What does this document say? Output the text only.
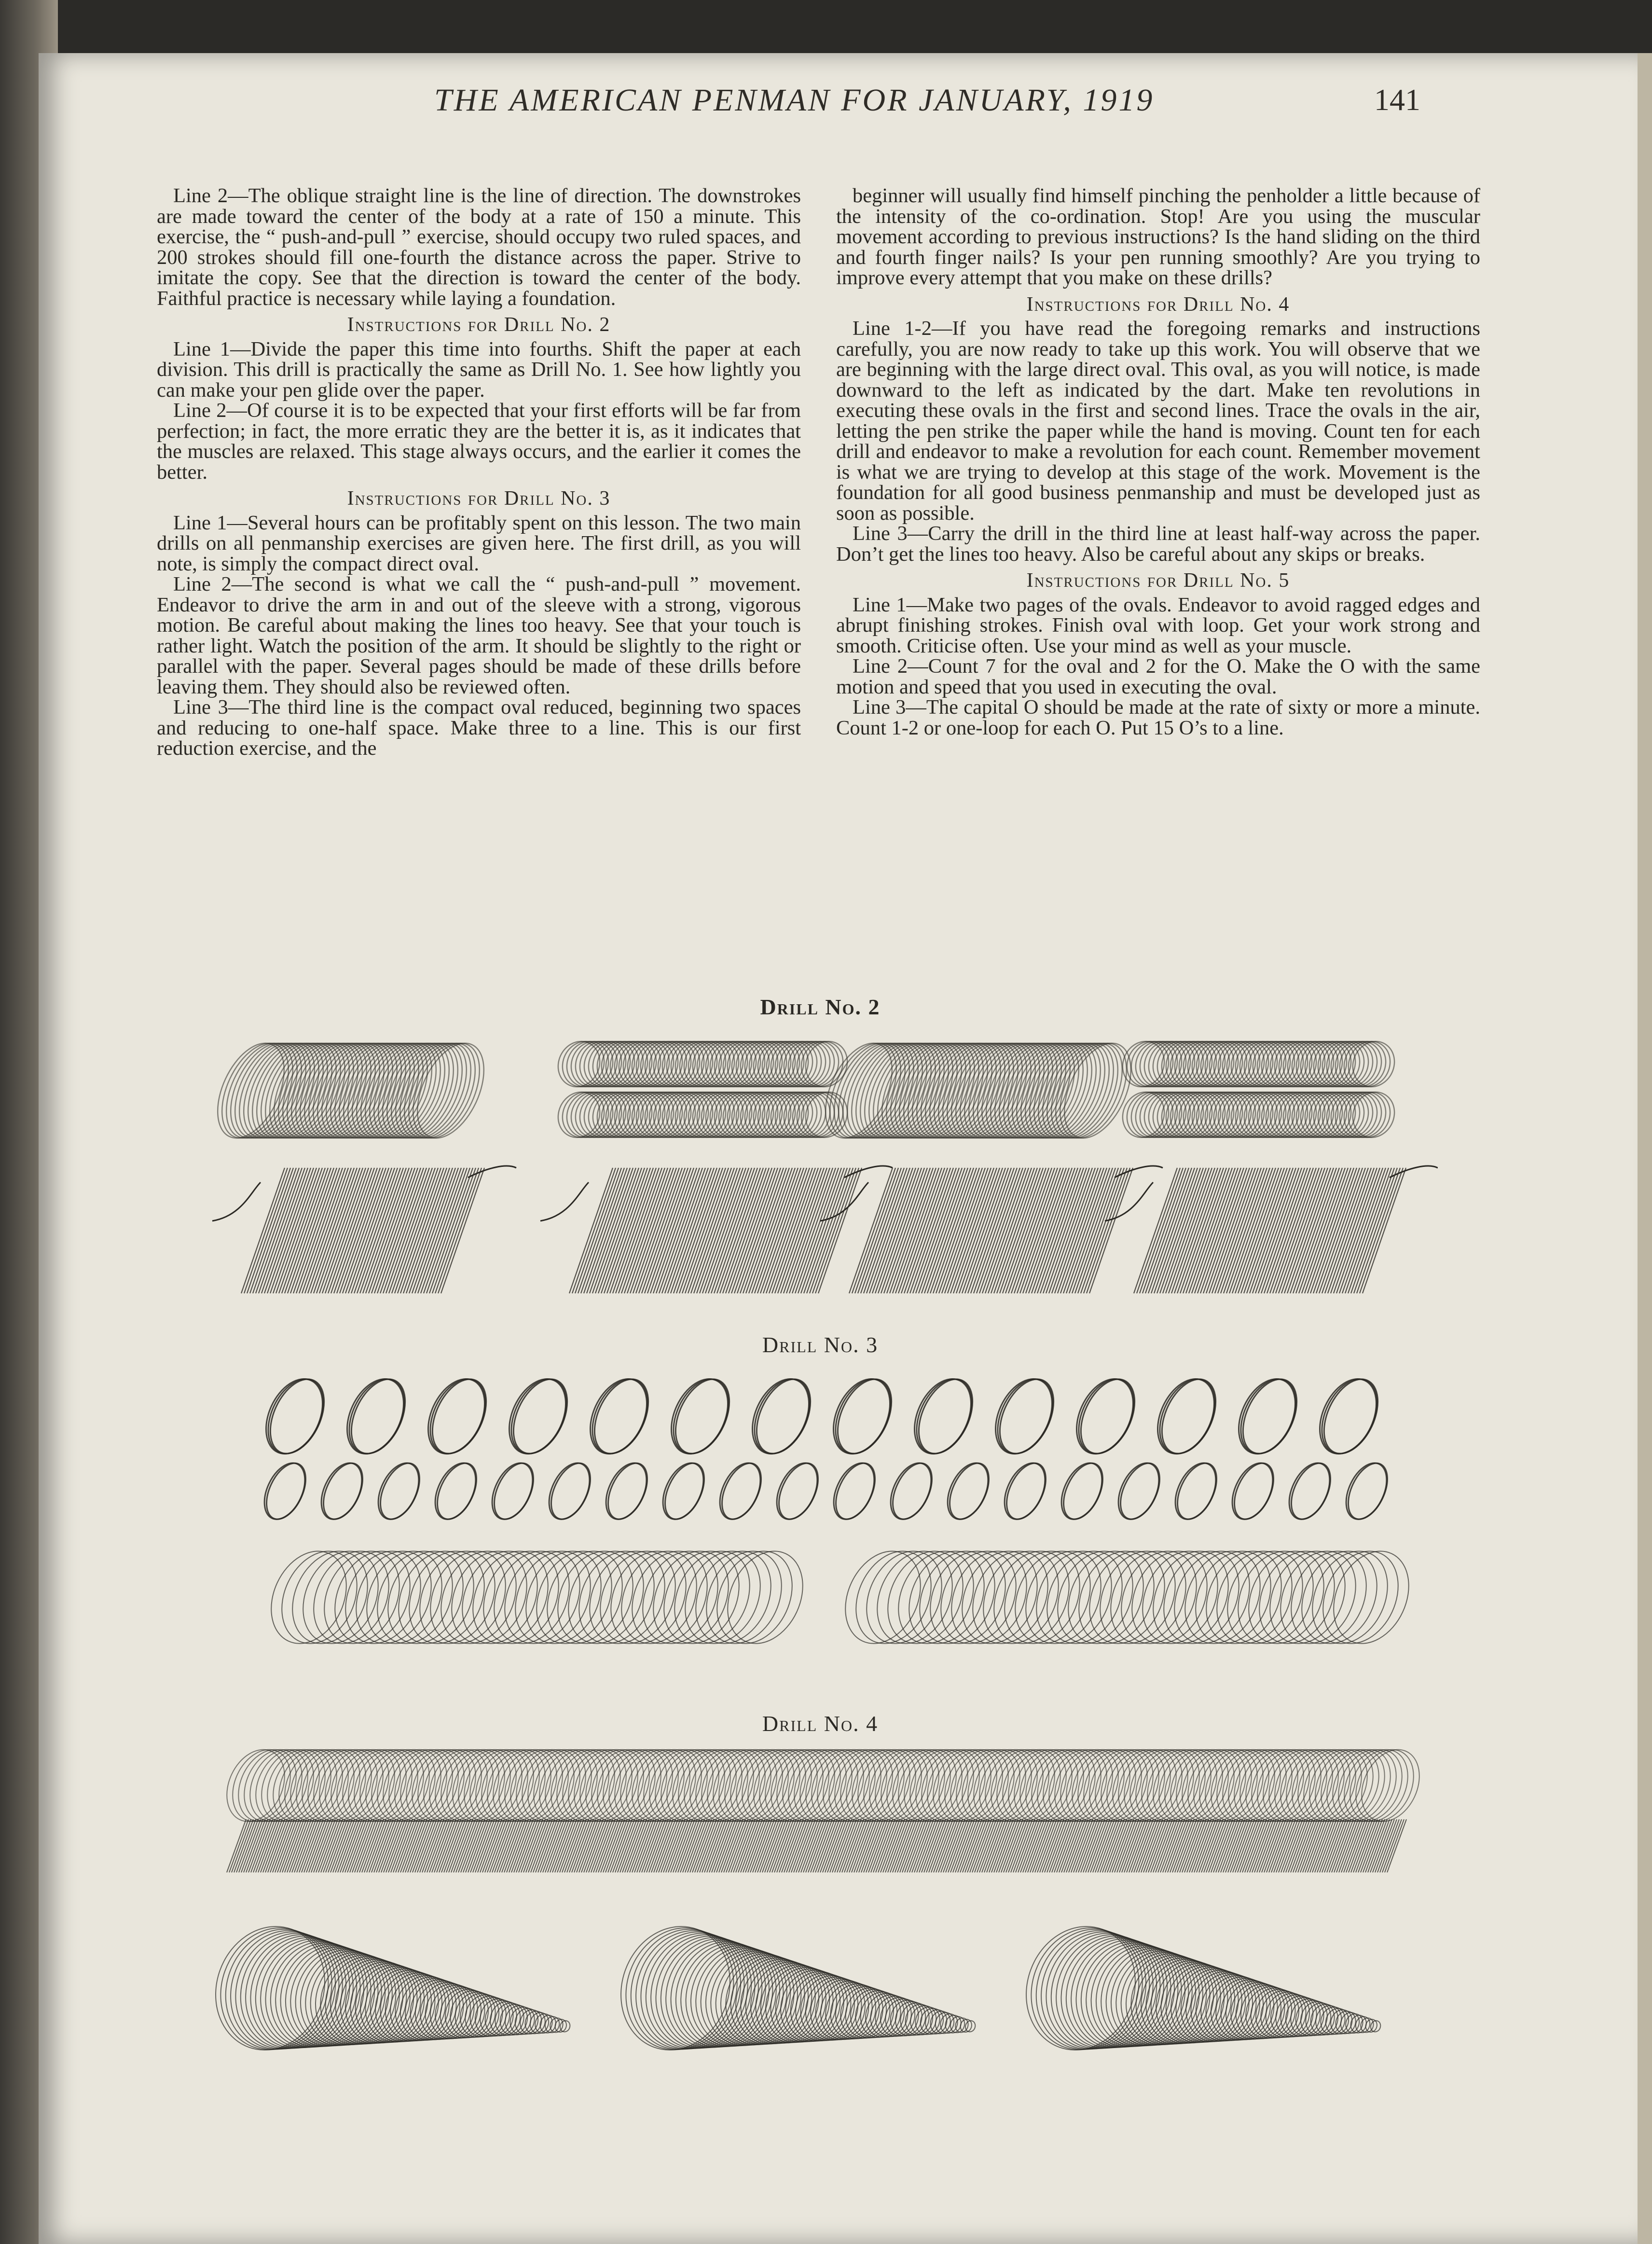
THE AMERICAN PENMAN FOR JANUARY, 1919	141

Line 2—The oblique straight line is the line of direction. The downstrokes are made toward the center of the body at a rate of 150 a minute. This exercise, the “ push-and-pull ” exercise, should occupy two ruled spaces, and 200 strokes should fill one-fourth the distance across the paper. Strive to imitate the copy. See that the direction is toward the center of the body. Faithful practice is necessary while laying a foundation.

Instructions for Drill No. 2

Line 1—Divide the paper this time into fourths. Shift the paper at each division. This drill is practically the same as Drill No. 1. See how lightly you can make your pen glide over the paper.

Line 2—Of course it is to be expected that your first efforts will be far from perfection; in fact, the more erratic they are the better it is, as it indicates that the muscles are relaxed. This stage always occurs, and the earlier it comes the better.

Instructions for Drill No. 3

Line 1—Several hours can be profitably spent on this lesson. The two main drills on all penmanship exercises are given here. The first drill, as you will note, is simply the compact direct oval.

Line 2—The second is what we call the “ push-and-pull ” movement. Endeavor to drive the arm in and out of the sleeve with a strong, vigorous motion. Be careful about making the lines too heavy. See that your touch is rather light. Watch the position of the arm. It should be slightly to the right or parallel with the paper. Several pages should be made of these drills before leaving them. They should also be reviewed often.

Line 3—The third line is the compact oval reduced, beginning two spaces and reducing to one-half space. Make three to a line. This is our first reduction exercise, and the

beginner will usually find himself pinching the penholder a little because of the intensity of the co-ordination. Stop! Are you using the muscular movement according to previous instructions? Is the hand sliding on the third and fourth finger nails? Is your pen running smoothly? Are you trying to improve every attempt that you make on these drills?

Instructions for Drill No. 4

Line 1-2—If you have read the foregoing remarks and instructions carefully, you are now ready to take up this work. You will observe that we are beginning with the large direct oval. This oval, as you will notice, is made downward to the left as indicated by the dart. Make ten revolutions in executing these ovals in the first and second lines. Trace the ovals in the air, letting the pen strike the paper while the hand is moving. Count ten for each drill and endeavor to make a revolution for each count. Remember movement is what we are trying to develop at this stage of the work. Movement is the foundation for all good business penmanship and must be developed just as soon as possible.

Line 3—Carry the drill in the third line at least half-way across the paper. Don’t get the lines too heavy. Also be careful about any skips or breaks.

Instructions for Drill No. 5

Line 1—Make two pages of the ovals. Endeavor to avoid ragged edges and abrupt finishing strokes. Finish oval with loop. Get your work strong and smooth. Criticise often. Use your mind as well as your muscle.

Line 2—Count 7 for the oval and 2 for the O. Make the O with the same motion and speed that you used in executing the oval.

Line 3—The capital O should be made at the rate of sixty or more a minute. Count 1-2 or one-loop for each O. Put 15 O’s to a line.

Drill No. 2
Drill No. 3
Drill No. 4
